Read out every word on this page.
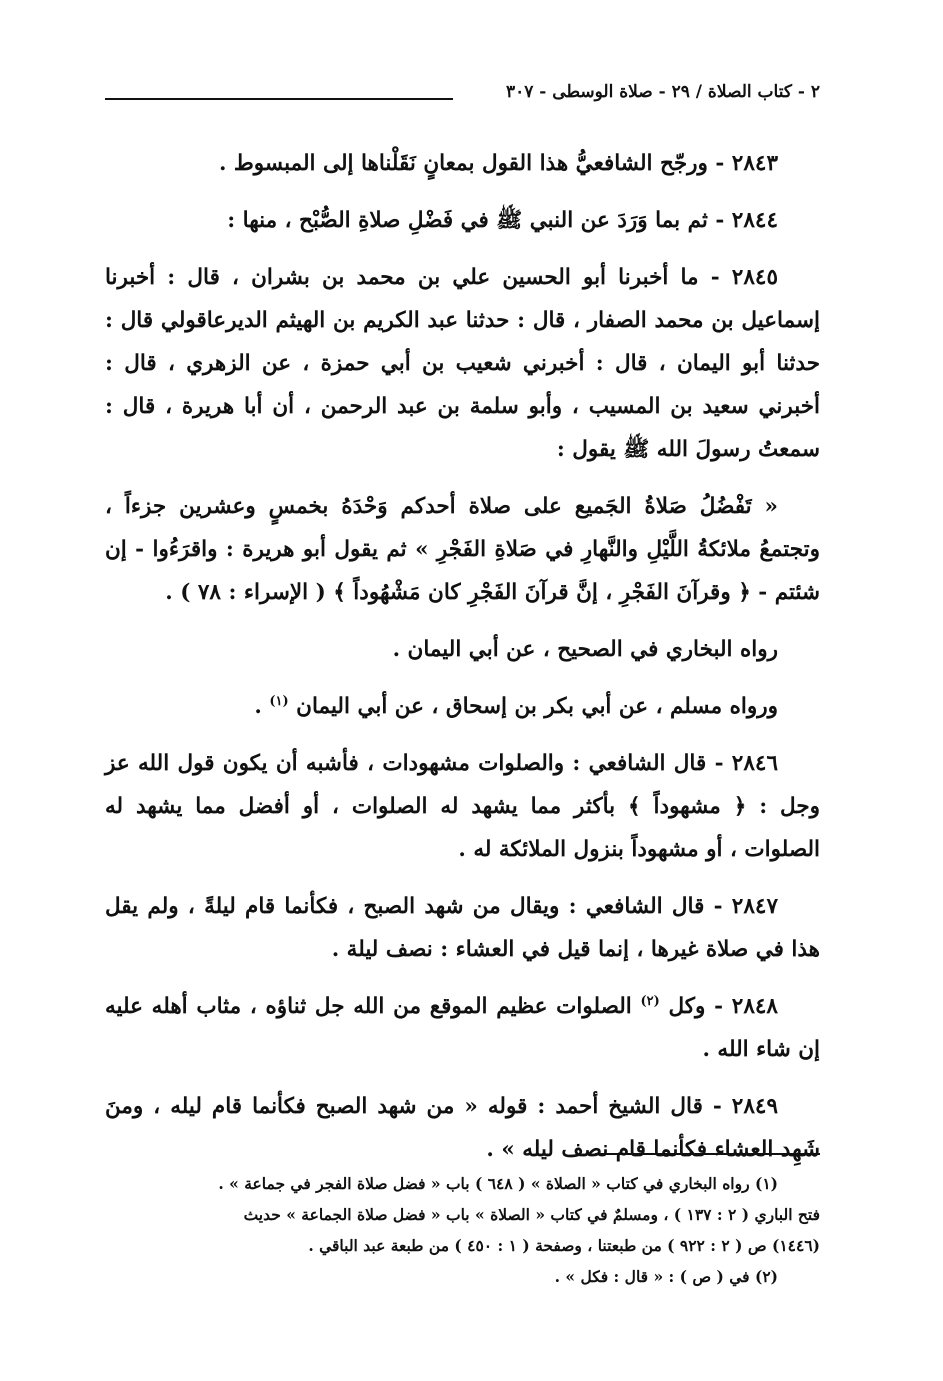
٢ - كتاب الصلاة / ٢٩ - صلاة الوسطى - ٣٠٧

٢٨٤٣ - ورجّح الشافعيُّ هذا القول بمعانٍ نَقَلْناها إلى المبسوط .

٢٨٤٤ - ثم بما وَرَدَ عن النبي ﷺ في فَضْلِ صلاةِ الصُّبْح ، منها :

٢٨٤٥ - ما أخبرنا أبو الحسين علي بن محمد بن بشران ، قال : أخبرنا إسماعيل بن محمد الصفار ، قال : حدثنا عبد الكريم بن الهيثم الديرعاقولي قال : حدثنا أبو اليمان ، قال : أخبرني شعيب بن أبي حمزة ، عن الزهري ، قال : أخبرني سعيد بن المسيب ، وأبو سلمة بن عبد الرحمن ، أن أبا هريرة ، قال : سمعتُ رسولَ الله ﷺ يقول :

« تَفْضُلُ صَلاةُ الجَميع على صلاة أحدكم وَحْدَهُ بخمسٍ وعشرين جزءاً ، وتجتمعُ ملائكةُ اللَّيْلِ والنَّهارِ في صَلاةِ الفَجْرِ » ثم يقول أبو هريرة : واقرَءُوا - إن شئتم - ﴿ وقرآنَ الفَجْرِ ، إنَّ قرآنَ الفَجْرِ كان مَشْهُوداً ﴾ ( الإسراء : ٧٨ ) .

رواه البخاري في الصحيح ، عن أبي اليمان .

ورواه مسلم ، عن أبي بكر بن إسحاق ، عن أبي اليمان $^{(١)}$ .

٢٨٤٦ - قال الشافعي : والصلوات مشهودات ، فأشبه أن يكون قول الله عز وجل : ﴿ مشهوداً ﴾ بأكثر مما يشهد له الصلوات ، أو أفضل مما يشهد له الصلوات ، أو مشهوداً بنزول الملائكة له .

٢٨٤٧ - قال الشافعي : ويقال من شهد الصبح ، فكأنما قام ليلةً ، ولم يقل هذا في صلاة غيرها ، إنما قيل في العشاء : نصف ليلة .

٢٨٤٨ - وكل $^{(٢)}$ الصلوات عظيم الموقع من الله جل ثناؤه ، مثاب أهله عليه إن شاء الله .

٢٨٤٩ - قال الشيخ أحمد : قوله « من شهد الصبح فكأنما قام ليله ، ومنَ شَهِد العشاء فكأنما قام نصف ليله » .

(١) رواه البخاري في كتاب « الصلاة » ( ٦٤٨ ) باب « فضل صلاة الفجر في جماعة » .

فتح الباري ( ٢ : ١٣٧ ) ، ومسلمٌ في كتاب « الصلاة » باب « فضل صلاة الجماعة » حديث

(١٤٤٦) ص ( ٢ : ٩٢٢ ) من طبعتنا ، وصفحة ( ١ : ٤٥٠ ) من طبعة عبد الباقي .

(٢) في ( ص ) : « قال : فكل » .
